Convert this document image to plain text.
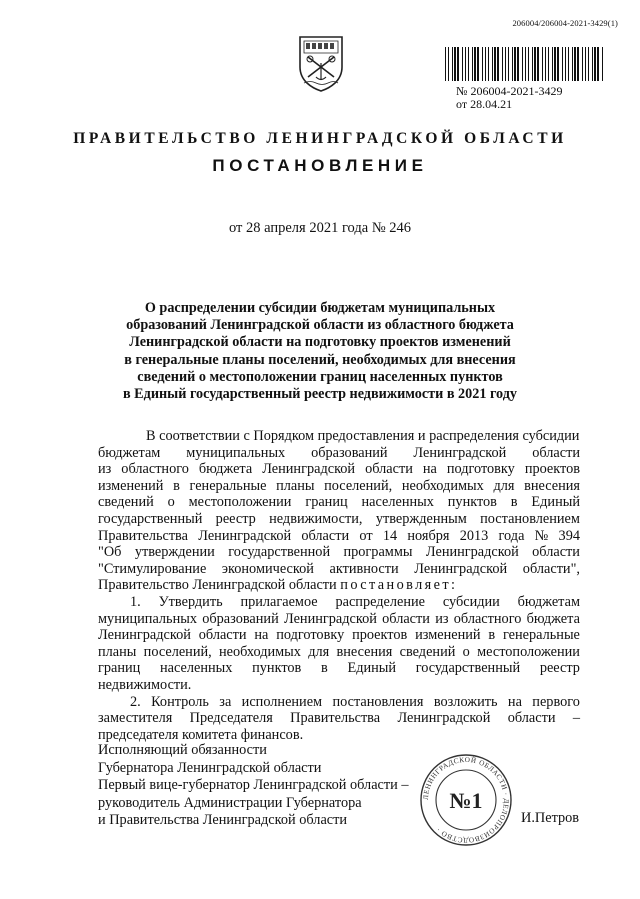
206004/206004-2021-3429(1)
№ 206004-2021-3429
от 28.04.21
ПРАВИТЕЛЬСТВО ЛЕНИНГРАДСКОЙ ОБЛАСТИ
ПОСТАНОВЛЕНИЕ
от 28 апреля 2021 года № 246
О распределении субсидии бюджетам муниципальных
образований Ленинградской области из областного бюджета
Ленинградской области на подготовку проектов изменений
в генеральные планы поселений, необходимых для внесения
сведений о местоположении границ населенных пунктов
в Единый государственный реестр недвижимости в 2021 году
В соответствии с Порядком предоставления и распределения субсидии
бюджетам муниципальных образований Ленинградской области
из областного бюджета Ленинградской области на подготовку проектов
изменений в генеральные планы поселений, необходимых для внесения
сведений о местоположении границ населенных пунктов в Единый
государственный реестр недвижимости, утвержденным постановлением
Правительства Ленинградской области от 14 ноября 2013 года № 394
"Об утверждении государственной программы Ленинградской области
"Стимулирование экономической активности Ленинградской области",
Правительство Ленинградской области
постановляет:
1. Утвердить прилагаемое распределение субсидии бюджетам
муниципальных образований Ленинградской области из областного бюджета
Ленинградской области на подготовку проектов изменений в генеральные
планы поселений, необходимых для внесения сведений о местоположении
границ населенных пунктов в Единый государственный реестр
недвижимости.
2. Контроль за исполнением постановления возложить на первого
заместителя Председателя Правительства Ленинградской области –
председателя комитета финансов.
Исполняющий обязанности
Губернатора Ленинградской области
Первый вице-губернатор Ленинградской области –
руководитель Администрации Губернатора
и Правительства Ленинградской области
ЛЕНИНГРАДСКОЙ ОБЛАСТИ · ДЕЛОПРОИЗВОДСТВО ·
№1
И.Петров
